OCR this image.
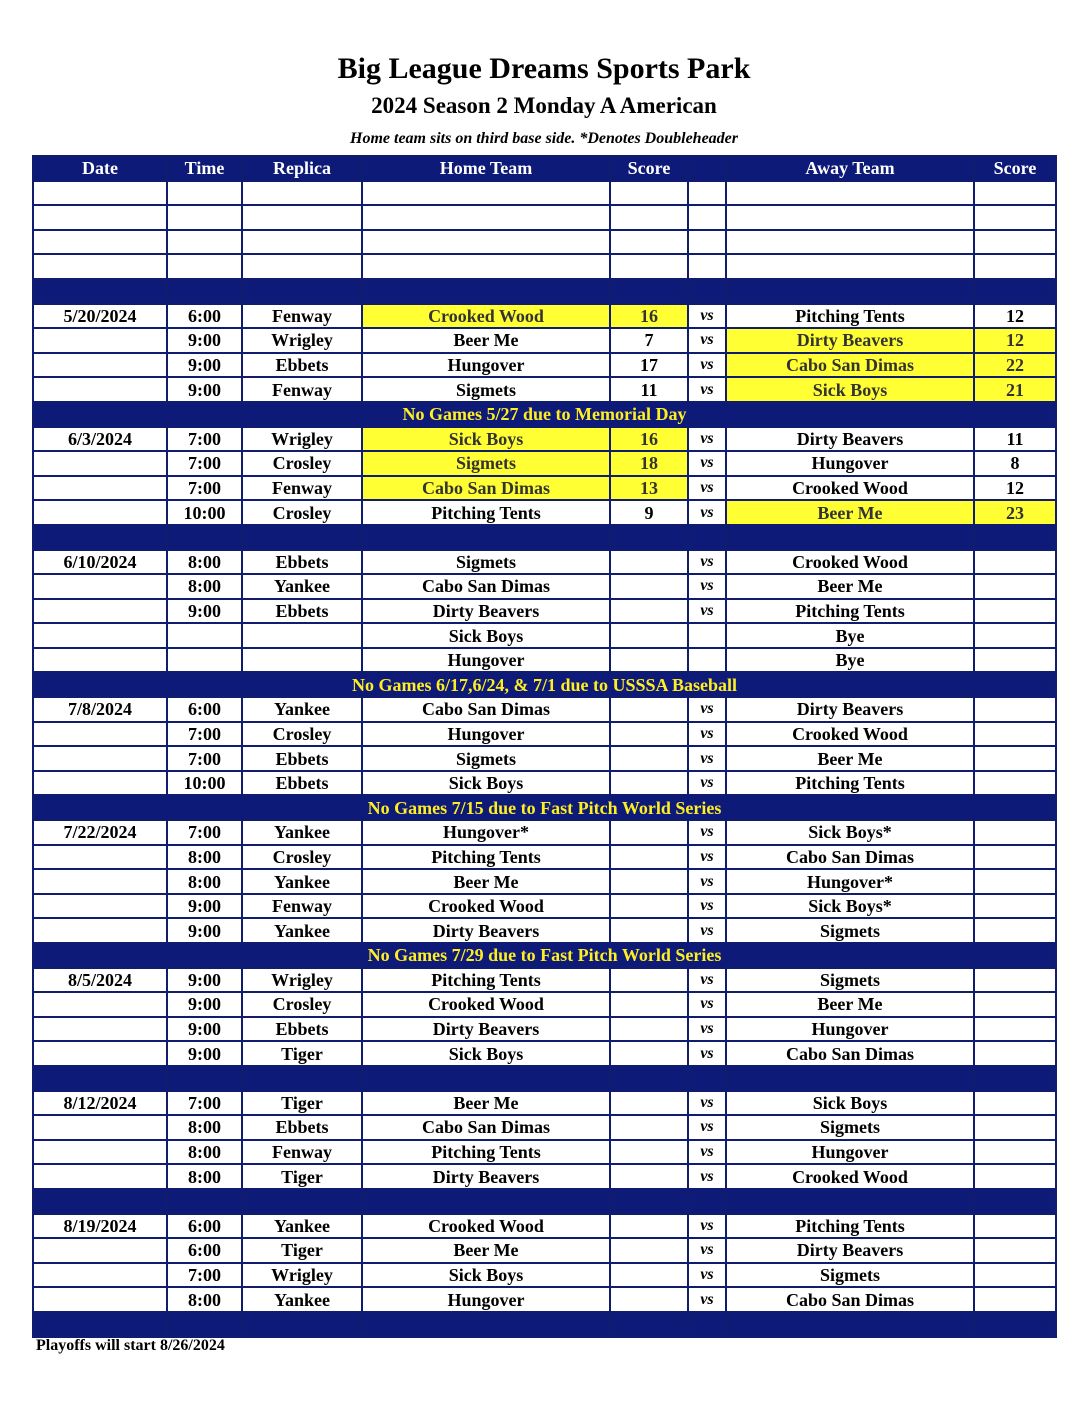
Big League Dreams Sports Park
2024 Season 2 Monday A American
Home team sits on third base side. *Denotes Doubleheader
Date	Time	Replica	Home Team	Score		Away Team	Score

5/20/2024	6:00	Fenway	Crooked Wood	16	vs	Pitching Tents	12
	9:00	Wrigley	Beer Me	7	vs	Dirty Beavers	12
	9:00	Ebbets	Hungover	17	vs	Cabo San Dimas	22
	9:00	Fenway	Sigmets	11	vs	Sick Boys	21
No Games 5/27 due to Memorial Day							
6/3/2024	7:00	Wrigley	Sick Boys	16	vs	Dirty Beavers	11
	7:00	Crosley	Sigmets	18	vs	Hungover	8
	7:00	Fenway	Cabo San Dimas	13	vs	Crooked Wood	12
	10:00	Crosley	Pitching Tents	9	vs	Beer Me	23

6/10/2024	8:00	Ebbets	Sigmets		vs	Crooked Wood	
	8:00	Yankee	Cabo San Dimas		vs	Beer Me	
	9:00	Ebbets	Dirty Beavers		vs	Pitching Tents	
			Sick Boys			Bye	
			Hungover			Bye	
No Games 6/17,6/24, & 7/1 due to USSSA Baseball							
7/8/2024	6:00	Yankee	Cabo San Dimas		vs	Dirty Beavers	
	7:00	Crosley	Hungover		vs	Crooked Wood	
	7:00	Ebbets	Sigmets		vs	Beer Me	
	10:00	Ebbets	Sick Boys		vs	Pitching Tents	
No Games 7/15 due to Fast Pitch World Series							
7/22/2024	7:00	Yankee	Hungover*		vs	Sick Boys*	
	8:00	Crosley	Pitching Tents		vs	Cabo San Dimas	
	8:00	Yankee	Beer Me		vs	Hungover*	
	9:00	Fenway	Crooked Wood		vs	Sick Boys*	
	9:00	Yankee	Dirty Beavers		vs	Sigmets	
No Games 7/29 due to Fast Pitch World Series							
8/5/2024	9:00	Wrigley	Pitching Tents		vs	Sigmets	
	9:00	Crosley	Crooked Wood		vs	Beer Me	
	9:00	Ebbets	Dirty Beavers		vs	Hungover	
	9:00	Tiger	Sick Boys		vs	Cabo San Dimas	

8/12/2024	7:00	Tiger	Beer Me		vs	Sick Boys	
	8:00	Ebbets	Cabo San Dimas		vs	Sigmets	
	8:00	Fenway	Pitching Tents		vs	Hungover	
	8:00	Tiger	Dirty Beavers		vs	Crooked Wood	

8/19/2024	6:00	Yankee	Crooked Wood		vs	Pitching Tents	
	6:00	Tiger	Beer Me		vs	Dirty Beavers	
	7:00	Wrigley	Sick Boys		vs	Sigmets	
	8:00	Yankee	Hungover		vs	Cabo San Dimas	

Playoffs will start 8/26/2024
